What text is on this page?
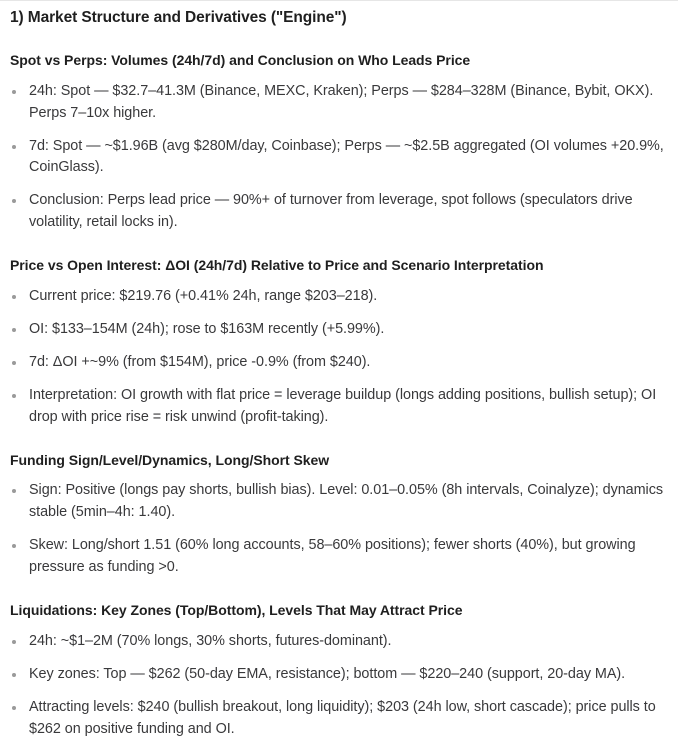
1) Market Structure and Derivatives ("Engine")
Spot vs Perps: Volumes (24h/7d) and Conclusion on Who Leads Price
24h: Spot — $32.7–41.3M (Binance, MEXC, Kraken); Perps — $284–328M (Binance, Bybit, OKX). Perps 7–10x higher.
7d: Spot — ~$1.96B (avg $280M/day, Coinbase); Perps — ~$2.5B aggregated (OI volumes +20.9%, CoinGlass).
Conclusion: Perps lead price — 90%+ of turnover from leverage, spot follows (speculators drive volatility, retail locks in).
Price vs Open Interest: ΔOI (24h/7d) Relative to Price and Scenario Interpretation
Current price: $219.76 (+0.41% 24h, range $203–218).
OI: $133–154M (24h); rose to $163M recently (+5.99%).
7d: ΔOI +~9% (from $154M), price -0.9% (from $240).
Interpretation: OI growth with flat price = leverage buildup (longs adding positions, bullish setup); OI drop with price rise = risk unwind (profit-taking).
Funding Sign/Level/Dynamics, Long/Short Skew
Sign: Positive (longs pay shorts, bullish bias). Level: 0.01–0.05% (8h intervals, Coinalyze); dynamics stable (5min–4h: 1.40).
Skew: Long/short 1.51 (60% long accounts, 58–60% positions); fewer shorts (40%), but growing pressure as funding >0.
Liquidations: Key Zones (Top/Bottom), Levels That May Attract Price
24h: ~$1–2M (70% longs, 30% shorts, futures-dominant).
Key zones: Top — $262 (50-day EMA, resistance); bottom — $220–240 (support, 20-day MA).
Attracting levels: $240 (bullish breakout, long liquidity); $203 (24h low, short cascade); price pulls to $262 on positive funding and OI.
